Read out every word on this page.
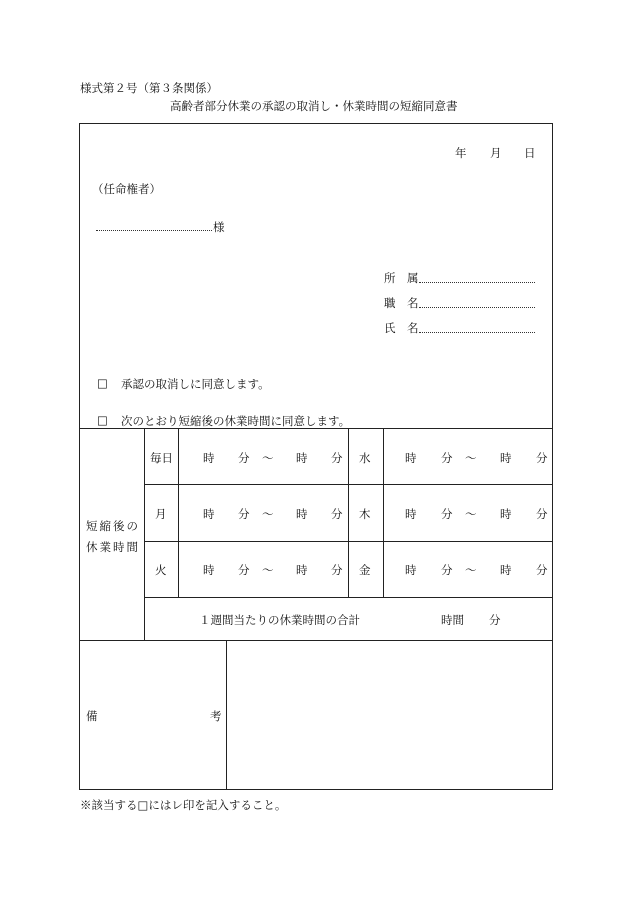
様式第２号（第３条関係）
高齢者部分休業の承認の取消し・休業時間の短縮同意書
年 月 日
（任命権者）
様
所 属
職 名
氏 名
□ 承認の取消しに同意します。
□ 次のとおり短縮後の休業時間に同意します。
短縮後の
休業時間
毎日	時 分 ～ 時 分 水	時 分 ～ 時 分
月	時 分 ～ 時 分 木	時 分 ～ 時 分
火	時 分 ～ 時 分 金	時 分 ～ 時 分
１週間当たりの休業時間の合計	時間 分
備	考
※該当する□にはレ印を記入すること。
